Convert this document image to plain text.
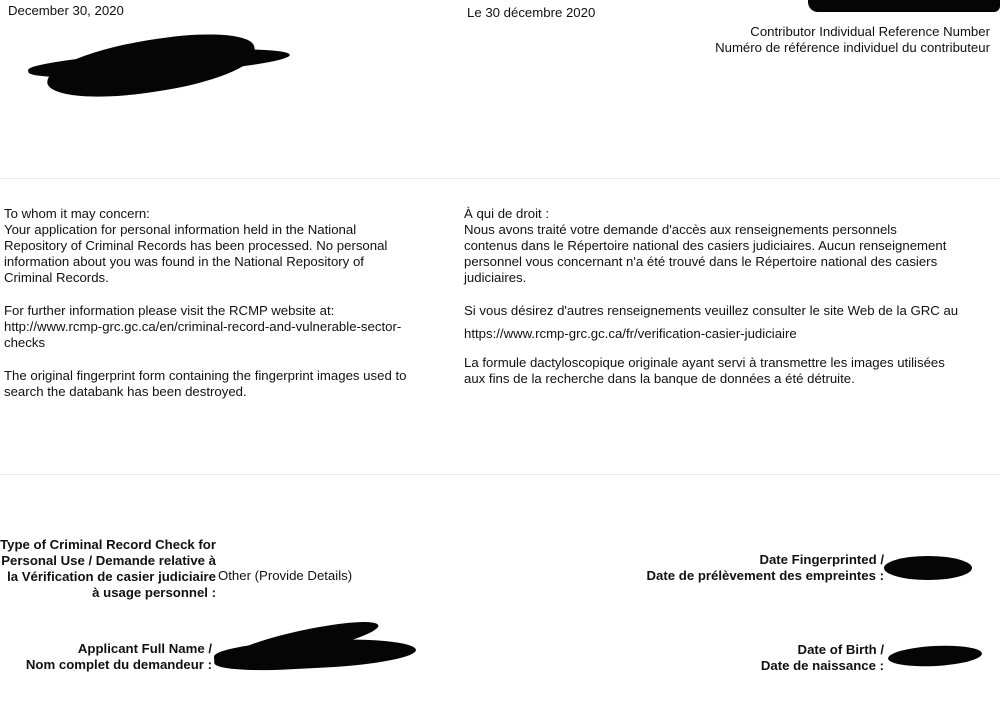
December 30, 2020	Le 30 décembre 2020
Contributor Individual Reference Number
Numéro de référence individuel du contributeur

To whom it may concern:

Your application for personal information held in the National Repository of Criminal Records has been processed. No personal information about you was found in the National Repository of Criminal Records.

For further information please visit the RCMP website at:

http://www.rcmp-grc.gc.ca/en/criminal-record-and-vulnerable-sector-checks

The original fingerprint form containing the fingerprint images used to search the databank has been destroyed.

À qui de droit :

Nous avons traité votre demande d'accès aux renseignements personnels contenus dans le Répertoire national des casiers judiciaires. Aucun renseignement personnel vous concernant n'a été trouvé dans le Répertoire national des casiers judiciaires.

Si vous désirez d'autres renseignements veuillez consulter le site Web de la GRC au

https://www.rcmp-grc.gc.ca/fr/verification-casier-judiciaire

La formule dactyloscopique originale ayant servi à transmettre les images utilisées aux fins de la recherche dans la banque de données a été détruite.

Type of Criminal Record Check for Personal Use / Demande relative à la Vérification de casier judiciaire à usage personnel :
Other (Provide Details)
Applicant Full Name /
Nom complet du demandeur :
Date Fingerprinted /
Date de prélèvement des empreintes :
Date of Birth /
Date de naissance :
